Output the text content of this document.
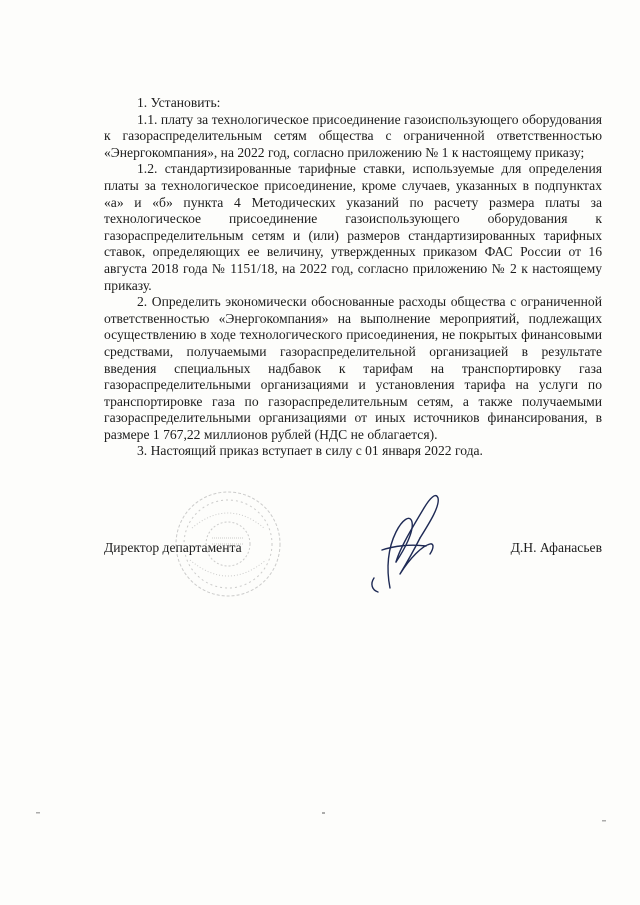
1. Установить:

1.1. плату за технологическое присоединение газоиспользующего оборудования к газораспределительным сетям общества с ограниченной ответственностью «Энергокомпания», на 2022 год, согласно приложению № 1 к настоящему приказу;

1.2. стандартизированные тарифные ставки, используемые для определения платы за технологическое присоединение, кроме случаев, указанных в подпунктах «а» и «б» пункта 4 Методических указаний по расчету размера платы за технологическое присоединение газоиспользующего оборудования к газораспределительным сетям и (или) размеров стандартизированных тарифных ставок, определяющих ее величину, утвержденных приказом ФАС России от 16 августа 2018 года № 1151/18, на 2022 год, согласно приложению № 2 к настоящему приказу.

2. Определить экономически обоснованные расходы общества с ограниченной ответственностью «Энергокомпания» на выполнение мероприятий, подлежащих осуществлению в ходе технологического присоединения, не покрытых финансовыми средствами, получаемыми газораспределительной организацией в результате введения специальных надбавок к тарифам на транспортировку газа газораспределительными организациями и установления тарифа на услуги по транспортировке газа по газораспределительным сетям, а также получаемыми газораспределительными организациями от иных источников финансирования, в размере 1 767,22 миллионов рублей (НДС не облагается).

3. Настоящий приказ вступает в силу с 01 января 2022 года.

Директор департамента	Д.Н. Афанасьев
